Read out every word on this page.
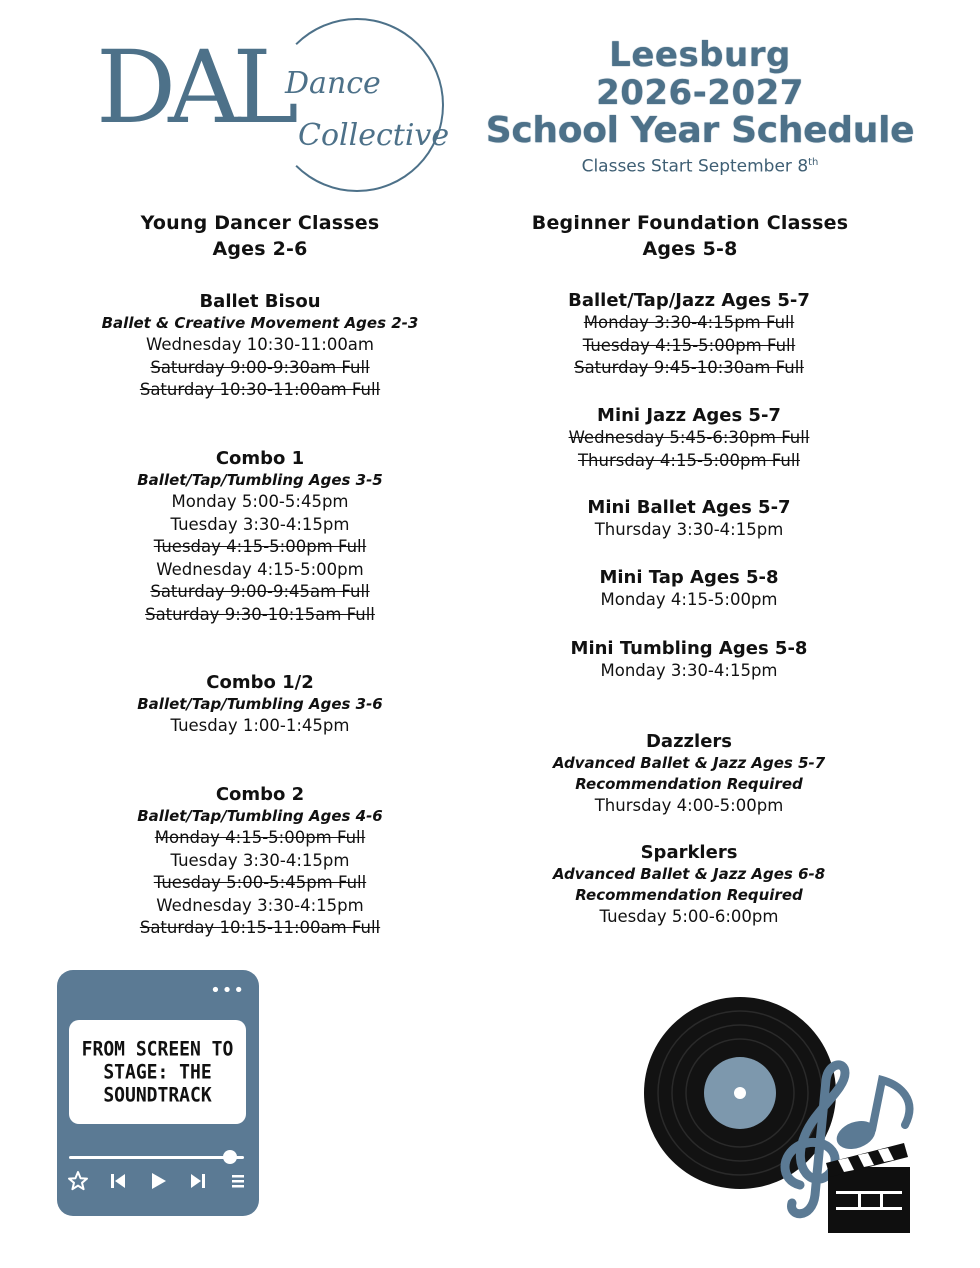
DAL
Dance
Collective
Leesburg
2026-2027
School Year Schedule
Classes Start September 8th
Young Dancer Classes
Ages 2-6
Beginner Foundation Classes
Ages 5-8
Ballet Bisou
Ballet & Creative Movement Ages 2-3
Wednesday 10:30-11:00am
Saturday 9:00-9:30am Full
Saturday 10:30-11:00am Full
Combo 1
Ballet/Tap/Tumbling Ages 3-5
Monday 5:00-5:45pm
Tuesday 3:30-4:15pm
Tuesday 4:15-5:00pm Full
Wednesday 4:15-5:00pm
Saturday 9:00-9:45am Full
Saturday 9:30-10:15am Full
Combo 1/2
Ballet/Tap/Tumbling Ages 3-6
Tuesday 1:00-1:45pm
Combo 2
Ballet/Tap/Tumbling Ages 4-6
Monday 4:15-5:00pm Full
Tuesday 3:30-4:15pm
Tuesday 5:00-5:45pm Full
Wednesday 3:30-4:15pm
Saturday 10:15-11:00am Full
Ballet/Tap/Jazz Ages 5-7
Monday 3:30-4:15pm Full
Tuesday 4:15-5:00pm Full
Saturday 9:45-10:30am Full
Mini Jazz Ages 5-7
Wednesday 5:45-6:30pm Full
Thursday 4:15-5:00pm Full
Mini Ballet Ages 5-7
Thursday 3:30-4:15pm
Mini Tap Ages 5-8
Monday 4:15-5:00pm
Mini Tumbling Ages 5-8
Monday 3:30-4:15pm
Dazzlers
Advanced Ballet & Jazz Ages 5-7
Recommendation Required
Thursday 4:00-5:00pm
Sparklers
Advanced Ballet & Jazz Ages 6-8
Recommendation Required
Tuesday 5:00-6:00pm
•••
FROM SCREEN TO STAGE: THE SOUNDTRACK
